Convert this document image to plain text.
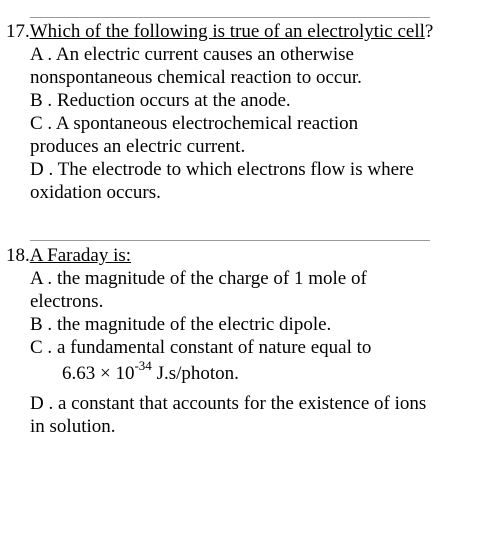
17.Which of the following is true of an electrolytic cell?
A . An electric current causes an otherwise
nonspontaneous chemical reaction to occur.
B . Reduction occurs at the anode.
C . A spontaneous electrochemical reaction
produces an electric current.
D . The electrode to which electrons flow is where
oxidation occurs.
18.A Faraday is:
A . the magnitude of the charge of 1 mole of
electrons.
B . the magnitude of the electric dipole.
C . a fundamental constant of nature equal to
$6.63 \times 10^{-34}$ J.s/photon.
D . a constant that accounts for the existence of ions
in solution.
